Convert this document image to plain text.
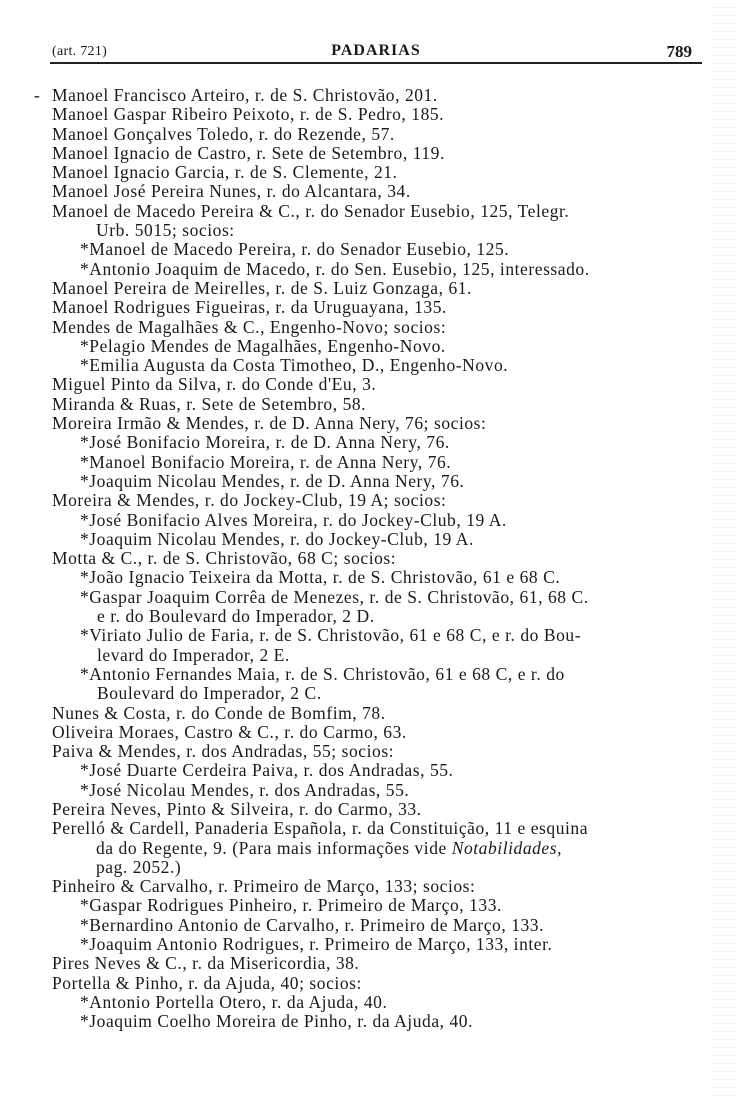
(art. 721)	PADARIAS	789
- Manoel Francisco Arteiro, r. de S. Christovão, 201.
Manoel Gaspar Ribeiro Peixoto, r. de S. Pedro, 185.
Manoel Gonçalves Toledo, r. do Rezende, 57.
Manoel Ignacio de Castro, r. Sete de Setembro, 119.
Manoel Ignacio Garcia, r. de S. Clemente, 21.
Manoel José Pereira Nunes, r. do Alcantara, 34.
Manoel de Macedo Pereira & C., r. do Senador Eusebio, 125, Telegr.
Urb. 5015; socios:
*Manoel de Macedo Pereira, r. do Senador Eusebio, 125.
*Antonio Joaquim de Macedo, r. do Sen. Eusebio, 125, interessado.
Manoel Pereira de Meirelles, r. de S. Luiz Gonzaga, 61.
Manoel Rodrigues Figueiras, r. da Uruguayana, 135.
Mendes de Magalhães & C., Engenho-Novo; socios:
*Pelagio Mendes de Magalhães, Engenho-Novo.
*Emilia Augusta da Costa Timotheo, D., Engenho-Novo.
Miguel Pinto da Silva, r. do Conde d'Eu, 3.
Miranda & Ruas, r. Sete de Setembro, 58.
Moreira Irmão & Mendes, r. de D. Anna Nery, 76; socios:
*José Bonifacio Moreira, r. de D. Anna Nery, 76.
*Manoel Bonifacio Moreira, r. de Anna Nery, 76.
*Joaquim Nicolau Mendes, r. de D. Anna Nery, 76.
Moreira & Mendes, r. do Jockey-Club, 19 A; socios:
*José Bonifacio Alves Moreira, r. do Jockey-Club, 19 A.
*Joaquim Nicolau Mendes, r. do Jockey-Club, 19 A.
Motta & C., r. de S. Christovão, 68 C; socios:
*João Ignacio Teixeira da Motta, r. de S. Christovão, 61 e 68 C.
*Gaspar Joaquim Corrêa de Menezes, r. de S. Christovão, 61, 68 C.
e r. do Boulevard do Imperador, 2 D.
*Viriato Julio de Faria, r. de S. Christovão, 61 e 68 C, e r. do Bou-
levard do Imperador, 2 E.
*Antonio Fernandes Maia, r. de S. Christovão, 61 e 68 C, e r. do
Boulevard do Imperador, 2 C.
Nunes & Costa, r. do Conde de Bomfim, 78.
Oliveira Moraes, Castro & C., r. do Carmo, 63.
Paiva & Mendes, r. dos Andradas, 55; socios:
*José Duarte Cerdeira Paiva, r. dos Andradas, 55.
*José Nicolau Mendes, r. dos Andradas, 55.
Pereira Neves, Pinto & Silveira, r. do Carmo, 33.
Perelló & Cardell, Panaderia Española, r. da Constituição, 11 e esquina
da do Regente, 9. (Para mais informações vide Notabilidades,
pag. 2052.)
Pinheiro & Carvalho, r. Primeiro de Março, 133; socios:
*Gaspar Rodrigues Pinheiro, r. Primeiro de Março, 133.
*Bernardino Antonio de Carvalho, r. Primeiro de Março, 133.
*Joaquim Antonio Rodrigues, r. Primeiro de Março, 133, inter.
Pires Neves & C., r. da Misericordia, 38.
Portella & Pinho, r. da Ajuda, 40; socios:
*Antonio Portella Otero, r. da Ajuda, 40.
*Joaquim Coelho Moreira de Pinho, r. da Ajuda, 40.
